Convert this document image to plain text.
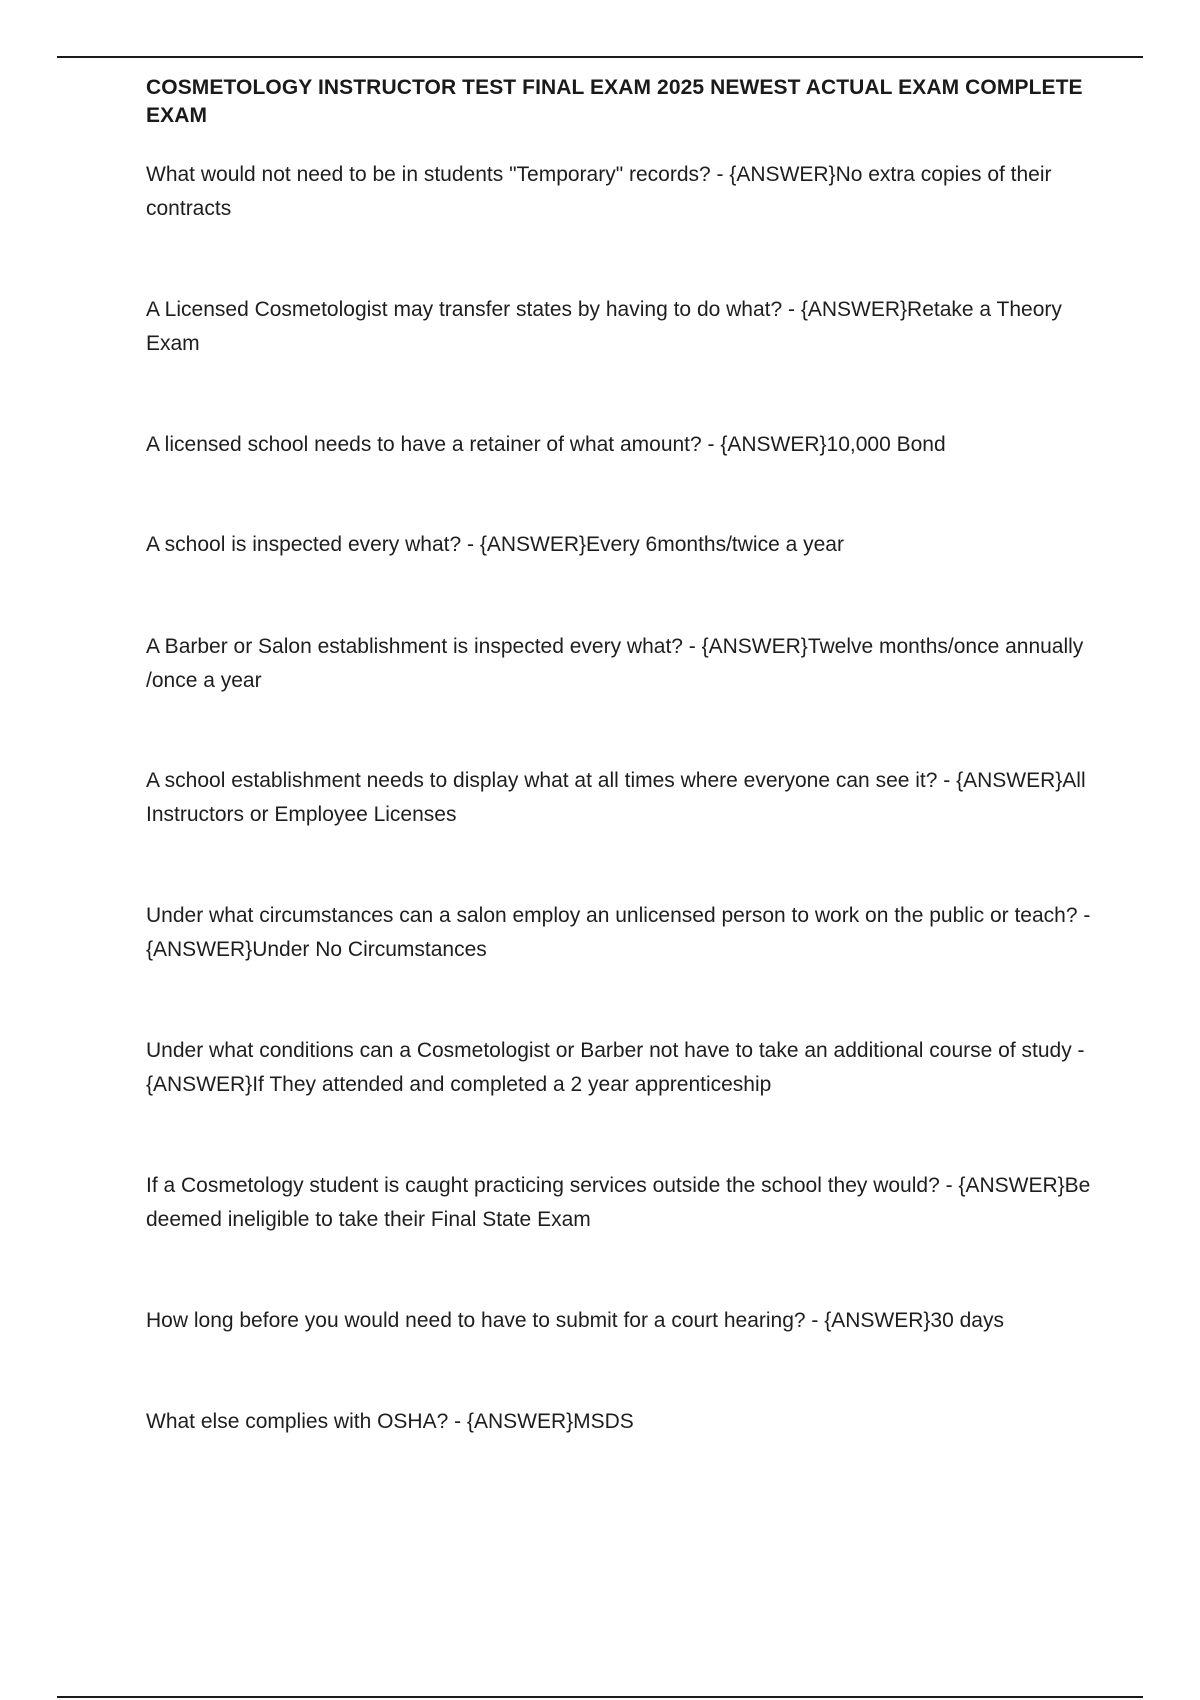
COSMETOLOGY INSTRUCTOR TEST FINAL EXAM 2025 NEWEST ACTUAL EXAM COMPLETE EXAM
What would not need to be in students "Temporary" records? - {ANSWER}No extra copies of their contracts
A Licensed Cosmetologist may transfer states by having to do what? - {ANSWER}Retake a Theory Exam
A licensed school needs to have a retainer of what amount? - {ANSWER}10,000 Bond
A school is inspected every what? - {ANSWER}Every 6months/twice a year
A Barber or Salon establishment is inspected every what? - {ANSWER}Twelve months/once annually /once a year
A school establishment needs to display what at all times where everyone can see it? - {ANSWER}All Instructors or Employee Licenses
Under what circumstances can a salon employ an unlicensed person to work on the public or teach? - {ANSWER}Under No Circumstances
Under what conditions can a Cosmetologist or Barber not have to take an additional course of study - {ANSWER}If They attended and completed a 2 year apprenticeship
If a Cosmetology student is caught practicing services outside the school they would? - {ANSWER}Be deemed ineligible to take their Final State Exam
How long before you would need to have to submit for a court hearing? - {ANSWER}30 days
What else complies with OSHA? - {ANSWER}MSDS
